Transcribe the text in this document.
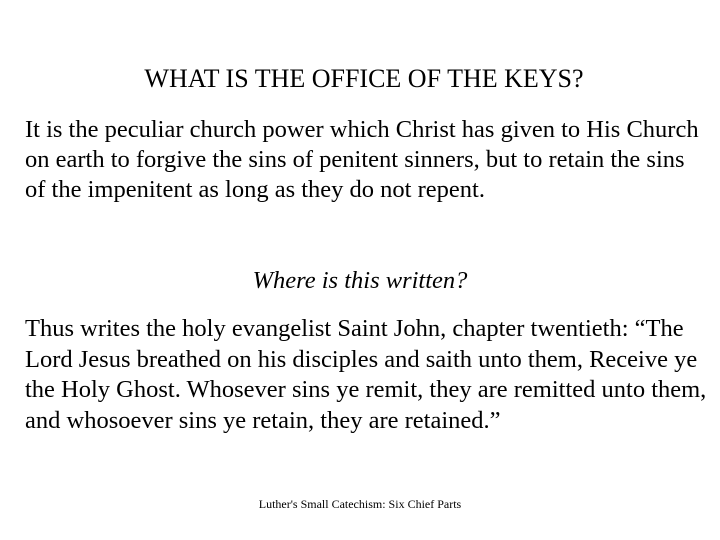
WHAT IS THE OFFICE OF THE KEYS?

It is the peculiar church power which Christ has given to His Church on earth to forgive the sins of penitent sinners, but to retain the sins of the impenitent as long as they do not repent.

Where is this written?

Thus writes the holy evangelist Saint John, chapter twentieth: “The Lord Jesus breathed on his disciples and saith unto them, Receive ye the Holy Ghost. Whosever sins ye remit, they are remitted unto them, and whosoever sins ye retain, they are retained.”

Luther's Small Catechism: Six Chief Parts
